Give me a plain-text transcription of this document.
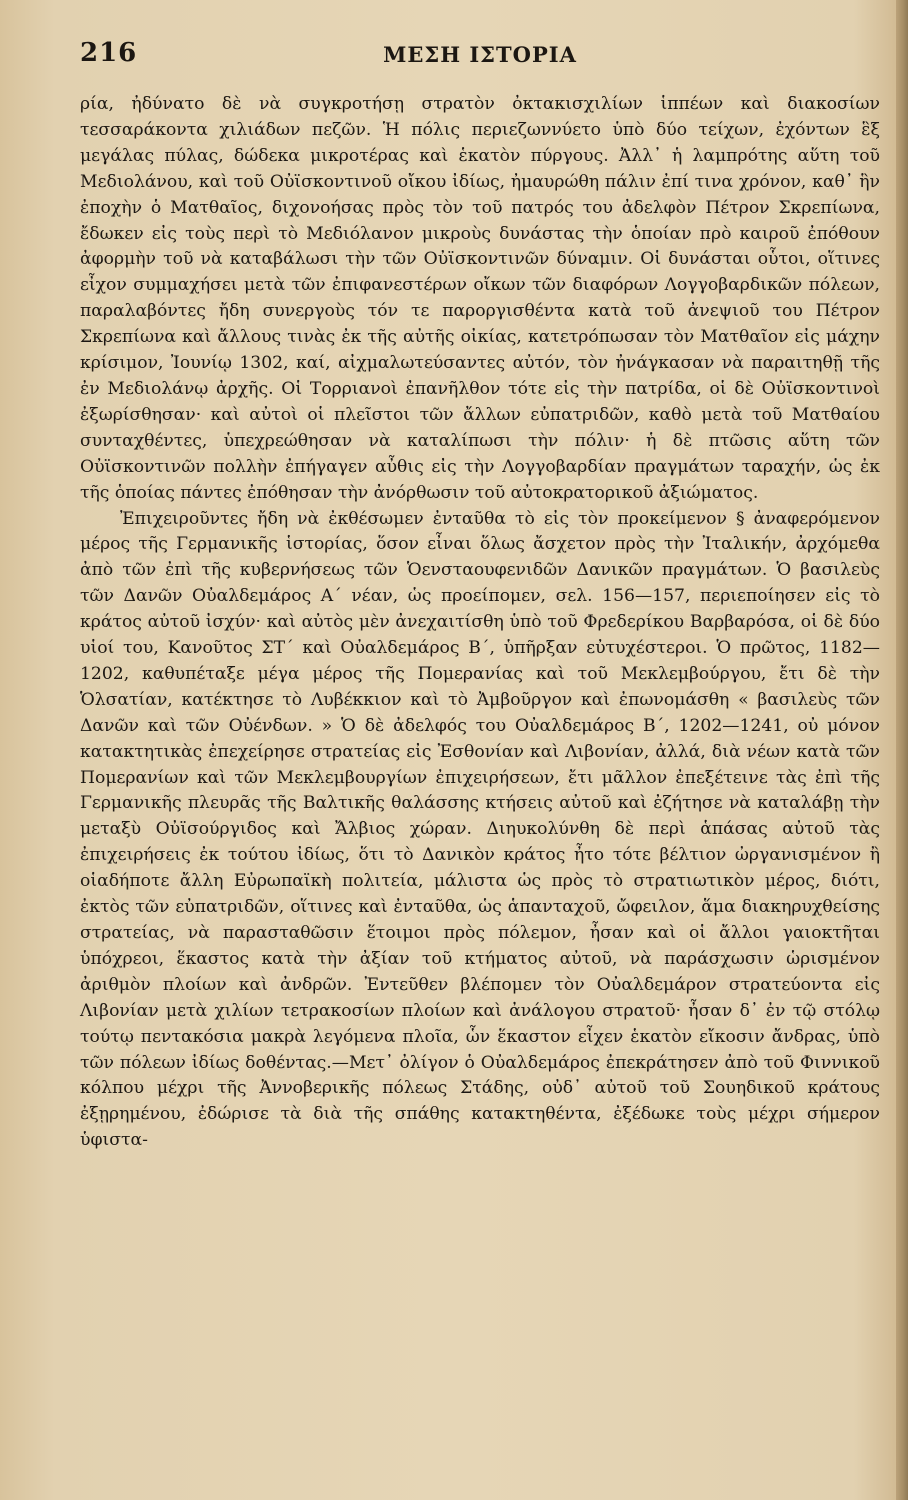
216	ΜΕΣΗ ΙΣΤΟΡΙΑ

ρία, ἠδύνατο δὲ νὰ συγκροτήσῃ στρατὸν ὀκτακισχιλίων ἱππέων καὶ διακοσίων τεσσαράκοντα χιλιάδων πεζῶν. Ἡ πόλις περιεζωννύετο ὑπὸ δύο τείχων, ἐχόντων ἓξ μεγάλας πύλας, δώδεκα μικροτέρας καὶ ἑκατὸν πύργους. Ἀλλ᾽ ἡ λαμπρότης αὕτη τοῦ Μεδιολάνου, καὶ τοῦ Οὐϊσκοντινοῦ οἴκου ἰδίως, ἠμαυρώθη πάλιν ἐπί τινα χρόνον, καθ᾽ ἣν ἐποχὴν ὁ Ματθαῖος, διχονοήσας πρὸς τὸν τοῦ πατρός του ἀδελφὸν Πέτρον Σκρεπίωνα, ἔδωκεν εἰς τοὺς περὶ τὸ Μεδιόλανον μικροὺς δυνάστας τὴν ὁποίαν πρὸ καιροῦ ἐπόθουν ἀφορμὴν τοῦ νὰ καταβάλωσι τὴν τῶν Οὐϊσκοντινῶν δύναμιν. Οἱ δυνάσται οὗτοι, οἵτινες εἶχον συμμαχήσει μετὰ τῶν ἐπιφανεστέρων οἴκων τῶν διαφόρων Λογγοβαρδικῶν πόλεων, παραλαβόντες ἤδη συνεργοὺς τόν τε παροργισθέντα κατὰ τοῦ ἀνεψιοῦ του Πέτρον Σκρεπίωνα καὶ ἄλλους τινὰς ἐκ τῆς αὐτῆς οἰκίας, κατετρόπωσαν τὸν Ματθαῖον εἰς μάχην κρίσιμον, Ἰουνίῳ 1302, καί, αἰχμαλωτεύσαντες αὐτόν, τὸν ἠνάγκασαν νὰ παραιτηθῇ τῆς ἐν Μεδιολάνῳ ἀρχῆς. Οἱ Τορριανοὶ ἐπανῆλθον τότε εἰς τὴν πατρίδα, οἱ δὲ Οὐϊσκοντινοὶ ἐξωρίσθησαν· καὶ αὐτοὶ οἱ πλεῖστοι τῶν ἄλλων εὐπατριδῶν, καθὸ μετὰ τοῦ Ματθαίου συνταχθέντες, ὑπεχρεώθησαν νὰ καταλίπωσι τὴν πόλιν· ἡ δὲ πτῶσις αὕτη τῶν Οὐϊσκοντινῶν πολλὴν ἐπήγαγεν αὖθις εἰς τὴν Λογγοβαρδίαν πραγμάτων ταραχήν, ὡς ἐκ τῆς ὁποίας πάντες ἐπόθησαν τὴν ἀνόρθωσιν τοῦ αὐτοκρατορικοῦ ἀξιώματος.

Ἐπιχειροῦντες ἤδη νὰ ἐκθέσωμεν ἐνταῦθα τὸ εἰς τὸν προκείμενον § ἀναφερόμενον μέρος τῆς Γερμανικῆς ἱστορίας, ὅσον εἶναι ὅλως ἄσχετον πρὸς τὴν Ἰταλικήν, ἀρχόμεθα ἀπὸ τῶν ἐπὶ τῆς κυβερνήσεως τῶν Ὁενσταουφενιδῶν Δανικῶν πραγμάτων. Ὁ βασιλεὺς τῶν Δανῶν Οὐαλδεμάρος Α΄ νέαν, ὡς προείπομεν, σελ. 156—157, περιεποίησεν εἰς τὸ κράτος αὐτοῦ ἰσχύν· καὶ αὐτὸς μὲν ἀνεχαιτίσθη ὑπὸ τοῦ Φρεδερίκου Βαρβαρόσα, οἱ δὲ δύο υἱοί του, Κανοῦτος ΣΤ΄ καὶ Οὐαλδεμάρος Β΄, ὑπῆρξαν εὐτυχέστεροι. Ὁ πρῶτος, 1182—1202, καθυπέταξε μέγα μέρος τῆς Πομερανίας καὶ τοῦ Μεκλεμβούργου, ἔτι δὲ τὴν Ὁλσατίαν, κατέκτησε τὸ Λυβέκκιον καὶ τὸ Ἀμβοῦργον καὶ ἐπωνομάσθη « βασιλεὺς τῶν Δανῶν καὶ τῶν Οὐένδων. » Ὁ δὲ ἀδελφός του Οὐαλδεμάρος Β΄, 1202—1241, οὐ μόνον κατακτητικὰς ἐπεχείρησε στρατείας εἰς Ἐσθονίαν καὶ Λιβονίαν, ἀλλά, διὰ νέων κατὰ τῶν Πομερανίων καὶ τῶν Μεκλεμβουργίων ἐπιχειρήσεων, ἔτι μᾶλλον ἐπεξέτεινε τὰς ἐπὶ τῆς Γερμανικῆς πλευρᾶς τῆς Βαλτικῆς θαλάσσης κτήσεις αὐτοῦ καὶ ἐζήτησε νὰ καταλάβῃ τὴν μεταξὺ Οὐϊσούργιδος καὶ Ἄλβιος χώραν. Διηυκολύνθη δὲ περὶ ἁπάσας αὐτοῦ τὰς ἐπιχειρήσεις ἐκ τούτου ἰδίως, ὅτι τὸ Δανικὸν κράτος ἦτο τότε βέλτιον ὠργανισμένον ἢ οἱαδήποτε ἄλλη Εὐρωπαϊκὴ πολιτεία, μάλιστα ὡς πρὸς τὸ στρατιωτικὸν μέρος, διότι, ἐκτὸς τῶν εὐπατριδῶν, οἵτινες καὶ ἐνταῦθα, ὡς ἁπανταχοῦ, ὤφειλον, ἅμα διακηρυχθείσης στρατείας, νὰ παρασταθῶσιν ἕτοιμοι πρὸς πόλεμον, ἦσαν καὶ οἱ ἄλλοι γαιοκτῆται ὑπόχρεοι, ἕκαστος κατὰ τὴν ἀξίαν τοῦ κτήματος αὐτοῦ, νὰ παράσχωσιν ὡρισμένον ἀριθμὸν πλοίων καὶ ἀνδρῶν. Ἐντεῦθεν βλέπομεν τὸν Οὐαλδεμάρον στρατεύοντα εἰς Λιβονίαν μετὰ χιλίων τετρακοσίων πλοίων καὶ ἀνάλογου στρατοῦ· ἦσαν δ᾽ ἐν τῷ στόλῳ τούτῳ πεντακόσια μακρὰ λεγόμενα πλοῖα, ὧν ἕκαστον εἶχεν ἑκατὸν εἴκοσιν ἄνδρας, ὑπὸ τῶν πόλεων ἰδίως δοθέντας.—Μετ᾽ ὀλίγον ὁ Οὐαλδεμάρος ἐπεκράτησεν ἀπὸ τοῦ Φιννικοῦ κόλπου μέχρι τῆς Ἀννοβερικῆς πόλεως Στάδης, οὐδ᾽ αὐτοῦ τοῦ Σουηδικοῦ κράτους ἐξῃρημένου, ἐδώρισε τὰ διὰ τῆς σπάθης κατακτηθέντα, ἐξέδωκε τοὺς μέχρι σήμερον ὑφιστα-
